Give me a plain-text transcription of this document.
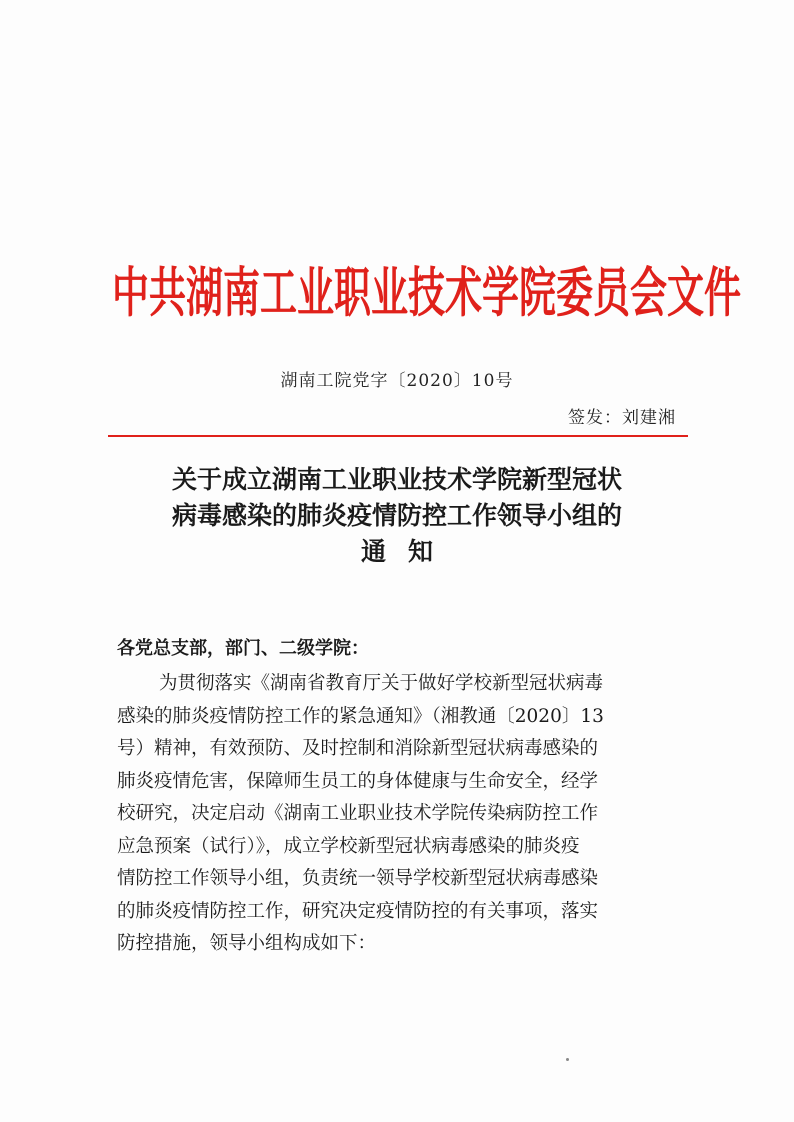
中共湖南工业职业技术学院委员会文件
湖南工院党字〔2020〕10号
签发：刘建湘
关于成立湖南工业职业技术学院新型冠状
病毒感染的肺炎疫情防控工作领导小组的
通知
各党总支部，部门、二级学院：
为贯彻落实《湖南省教育厅关于做好学校新型冠状病毒
感染的肺炎疫情防控工作的紧急通知》（湘教通〔2020〕13
号）精神，有效预防、及时控制和消除新型冠状病毒感染的
肺炎疫情危害，保障师生员工的身体健康与生命安全，经学
校研究，决定启动《湖南工业职业技术学院传染病防控工作
应急预案（试行）》，成立学校新型冠状病毒感染的肺炎疫
情防控工作领导小组，负责统一领导学校新型冠状病毒感染
的肺炎疫情防控工作，研究决定疫情防控的有关事项，落实
防控措施，领导小组构成如下：
